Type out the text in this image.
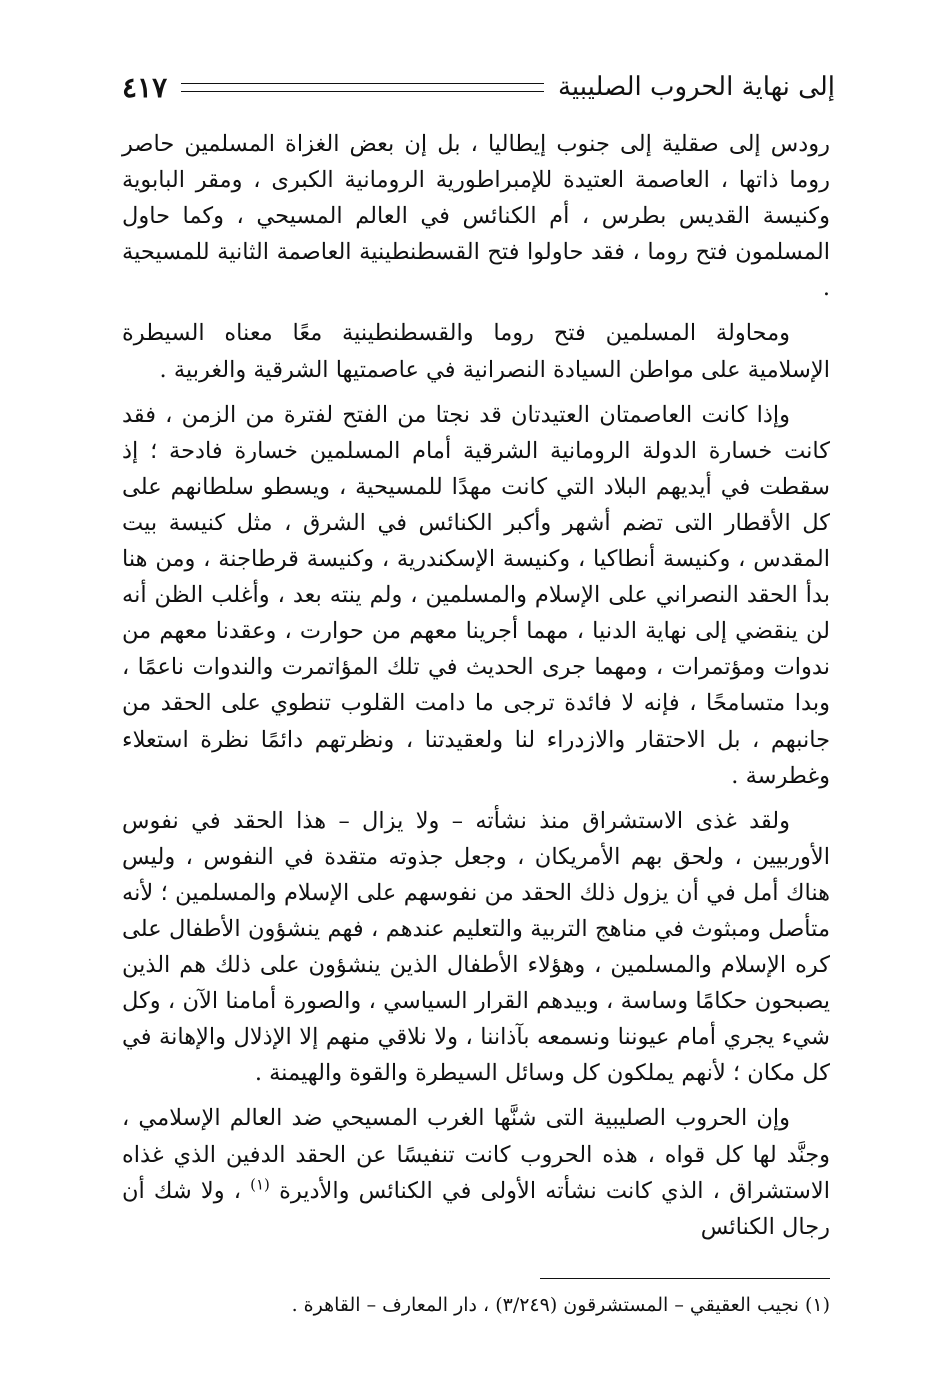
إلى نهاية الحروب الصليبية
٤١٧

رودس إلى صقلية إلى جنوب إيطاليا ، بل إن بعض الغزاة المسلمين حاصر روما ذاتها ، العاصمة العتيدة للإمبراطورية الرومانية الكبرى ، ومقر البابوية وكنيسة القديس بطرس ، أم الكنائس في العالم المسيحي ، وكما حاول المسلمون فتح روما ، فقد حاولوا فتح القسطنطينية العاصمة الثانية للمسيحية .

ومحاولة المسلمين فتح روما والقسطنطينية معًا معناه السيطرة الإسلامية على مواطن السيادة النصرانية في عاصمتيها الشرقية والغربية .

وإذا كانت العاصمتان العتيدتان قد نجتا من الفتح لفترة من الزمن ، فقد كانت خسارة الدولة الرومانية الشرقية أمام المسلمين خسارة فادحة ؛ إذ سقطت في أيديهم البلاد التي كانت مهدًا للمسيحية ، ويسطو سلطانهم على كل الأقطار التى تضم أشهر وأكبر الكنائس في الشرق ، مثل كنيسة بيت المقدس ، وكنيسة أنطاكيا ، وكنيسة الإسكندرية ، وكنيسة قرطاجنة ، ومن هنا بدأ الحقد النصراني على الإسلام والمسلمين ، ولم ينته بعد ، وأغلب الظن أنه لن ينقضي إلى نهاية الدنيا ، مهما أجرينا معهم من حوارت ، وعقدنا معهم من ندوات ومؤتمرات ، ومهما جرى الحديث في تلك المؤاتمرت والندوات ناعمًا ، وبدا متسامحًا ، فإنه لا فائدة ترجى ما دامت القلوب تنطوي على الحقد من جانبهم ، بل الاحتقار والازدراء لنا ولعقيدتنا ، ونظرتهم دائمًا نظرة استعلاء وغطرسة .

ولقد غذى الاستشراق منذ نشأته – ولا يزال – هذا الحقد في نفوس الأوربيين ، ولحق بهم الأمريكان ، وجعل جذوته متقدة في النفوس ، وليس هناك أمل في أن يزول ذلك الحقد من نفوسهم على الإسلام والمسلمين ؛ لأنه متأصل ومبثوث في مناهج التربية والتعليم عندهم ، فهم ينشؤون الأطفال على كره الإسلام والمسلمين ، وهؤلاء الأطفال الذين ينشؤون على ذلك هم الذين يصبحون حكامًا وساسة ، وبيدهم القرار السياسي ، والصورة أمامنا الآن ، وكل شيء يجري أمام عيوننا ونسمعه بآذاننا ، ولا نلاقي منهم إلا الإذلال والإهانة في كل مكان ؛ لأنهم يملكون كل وسائل السيطرة والقوة والهيمنة .

وإن الحروب الصليبية التى شنَّها الغرب المسيحي ضد العالم الإسلامي ، وجنَّد لها كل قواه ، هذه الحروب كانت تنفيسًا عن الحقد الدفين الذي غذاه الاستشراق ، الذي كانت نشأته الأولى في الكنائس والأديرة $^{(١)}$ ، ولا شك أن رجال الكنائس

(١) نجيب العقيقي – المستشرقون (٣/٢٤٩) ، دار المعارف – القاهرة .
